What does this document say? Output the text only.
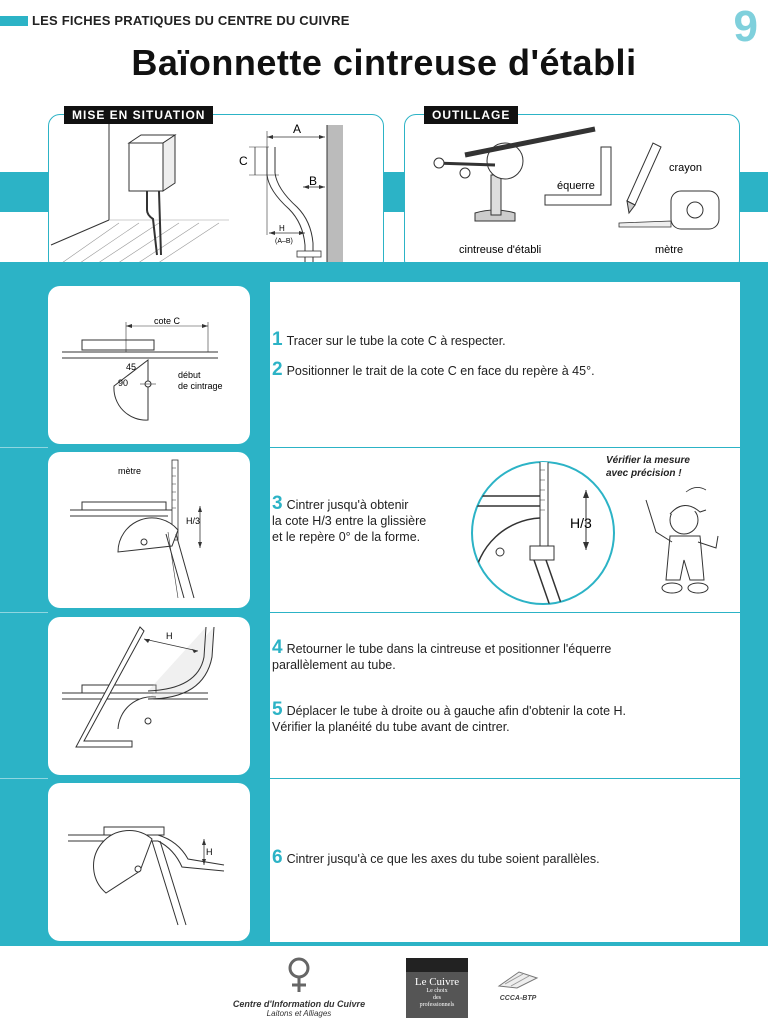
LES FICHES PRATIQUES DU CENTRE DU CUIVRE	9
Baïonnette cintreuse d'établi
A
B
C
H
(A–B)
MISE EN SITUATION
crayon
équerre
cintreuse d'établi	mètre
OUTILLAGE
cote C
45
90
début
de cintrage
mètre
H/3
H
H
1 Tracer sur le tube la cote C à respecter.
2 Positionner le trait de la cote C en face du repère à 45°.
3 Cintrer jusqu'à obtenir
la cote H/3 entre la glissière
et le repère 0° de la forme.
H/3
Vérifier la mesure
avec précision !
4 Retourner le tube dans la cintreuse et positionner l'équerre
parallèlement au tube.
5 Déplacer le tube à droite ou à gauche afin d'obtenir la cote H.
Vérifier la planéité du tube avant de cintrer.
6 Cintrer jusqu'à ce que les axes du tube soient parallèles.
Centre d'Information du Cuivre
Laitons et Alliages
Le Cuivre
Le choix
des
professionnels
CCCA-BTP
